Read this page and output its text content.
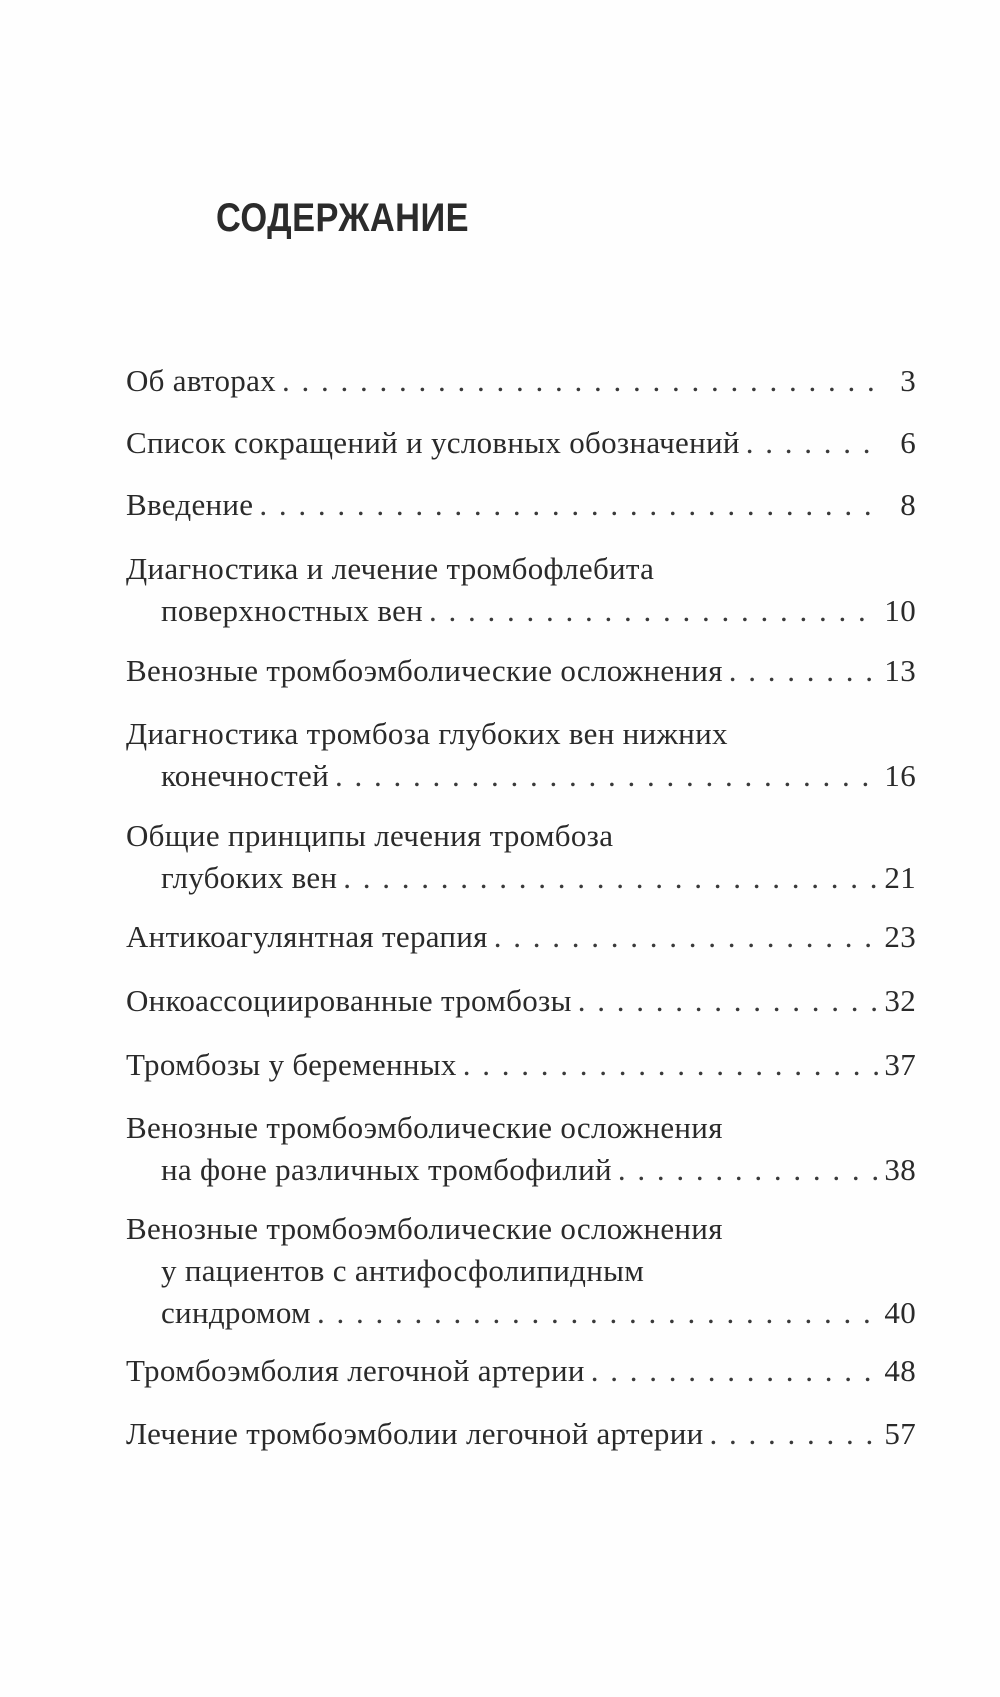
СОДЕРЖАНИЕ
Об авторах . . .	3
Список сокращений и условных обозначений . . .	6
Введение . . .	8
Диагностика и лечение тромбофлебита
поверхностных вен . . .	10
Венозные тромбоэмболические осложнения . . .	13
Диагностика тромбоза глубоких вен нижних
конечностей . . .	16
Общие принципы лечения тромбоза
глубоких вен . . .	21
Антикоагулянтная терапия . . .	23
Онкоассоциированные тромбозы . . .	32
Тромбозы у беременных . . .	37
Венозные тромбоэмболические осложнения
на фоне различных тромбофилий . . .	38
Венозные тромбоэмболические осложнения
у пациентов с антифосфолипидным
синдромом . . .	40
Тромбоэмболия легочной артерии . . .	48
Лечение тромбоэмболии легочной артерии . . .	57
